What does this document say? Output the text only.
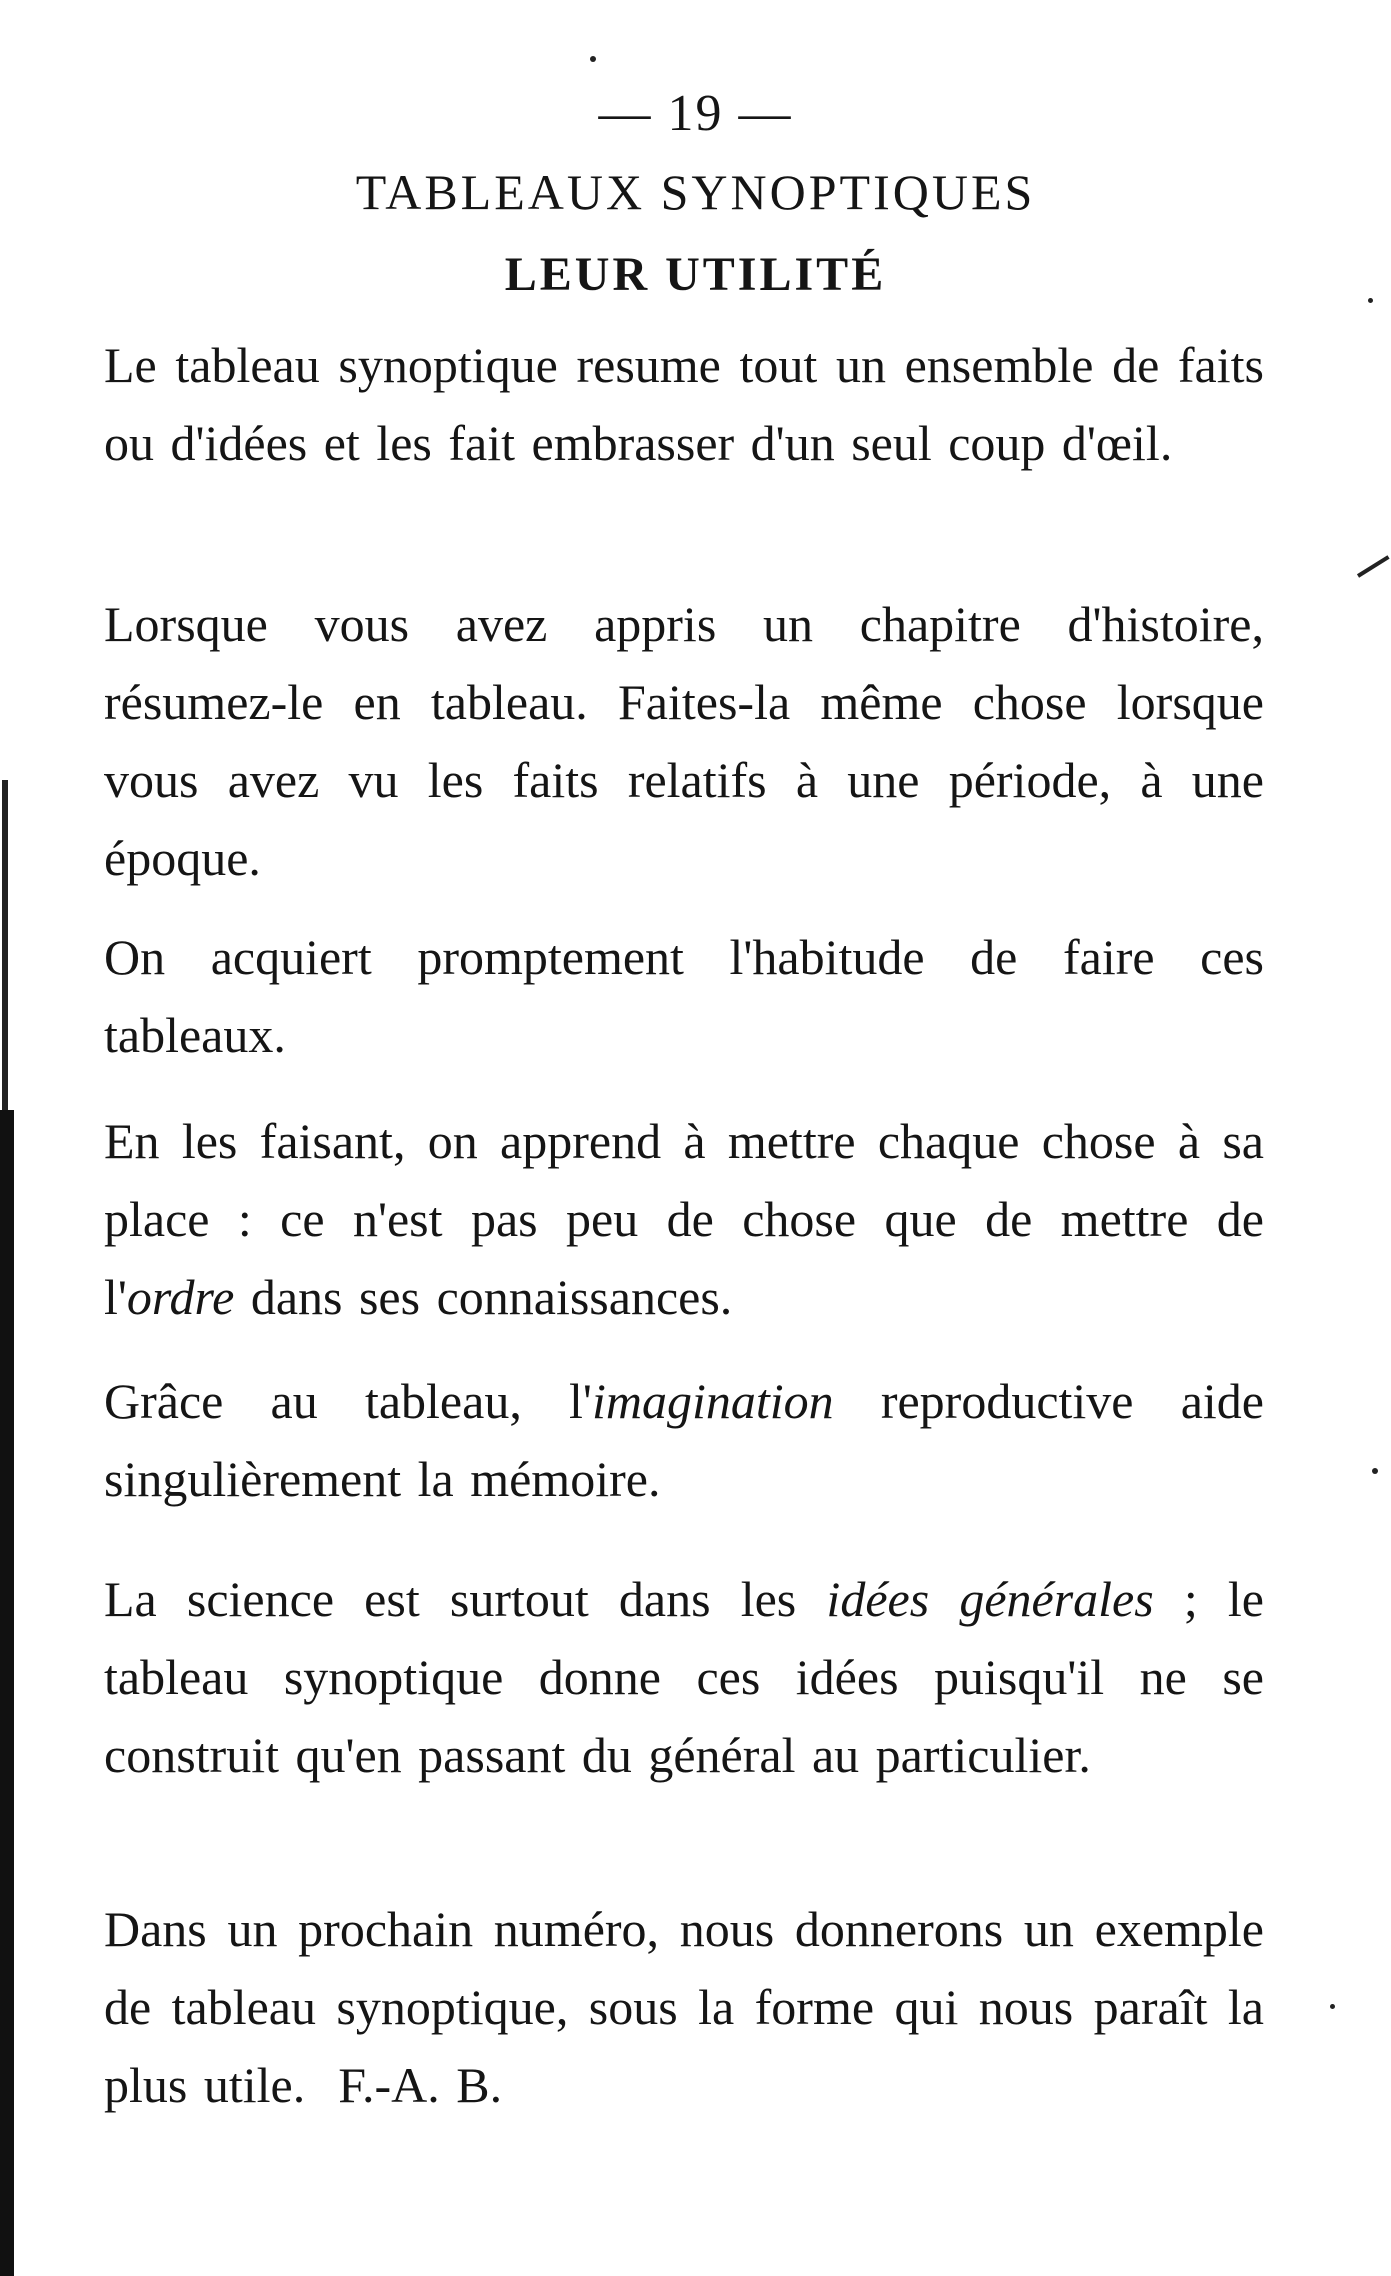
— 19 —
TABLEAUX SYNOPTIQUES
LEUR UTILITÉ

Le tableau synoptique resume tout un ensemble de faits ou d'idées et les fait embrasser d'un seul coup d'œil.

Lorsque vous avez appris un chapitre d'histoire, résumez-le en tableau. Faites-la même chose lorsque vous avez vu les faits relatifs à une période, à une époque.

On acquiert promptement l'habitude de faire ces tableaux.

En les faisant, on apprend à mettre chaque chose à sa place : ce n'est pas peu de chose que de mettre de l'ordre dans ses connaissances.

Grâce au tableau, l'imagination reproductive aide singulièrement la mémoire.

La science est surtout dans les idées générales ; le tableau synoptique donne ces idées puisqu'il ne se construit qu'en passant du général au particulier.

Dans un prochain numéro, nous donnerons un exemple de tableau synoptique, sous la forme qui nous paraît la plus utile. F.-A. B.
